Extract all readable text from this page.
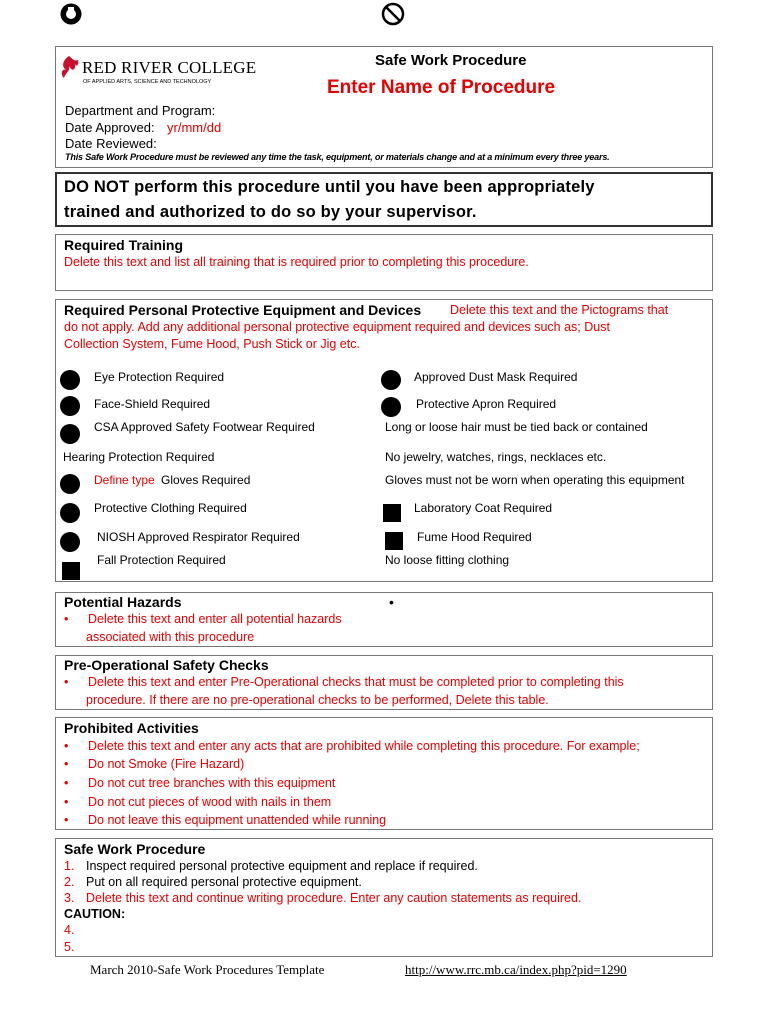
RED RIVER COLLEGE
OF APPLIED ARTS, SCIENCE AND TECHNOLOGY
Safe Work Procedure
Enter Name of Procedure
Department and Program:
Date Approved: yr/mm/dd
Date Reviewed:
This Safe Work Procedure must be reviewed any time the task, equipment, or materials change and at a minimum every three years.
DO NOT perform this procedure until you have been appropriately
trained and authorized to do so by your supervisor.
Required Training
Delete this text and list all training that is required prior to completing this procedure.
Required Personal Protective Equipment and Devices Delete this text and the Pictograms that
do not apply. Add any additional personal protective equipment required and devices such as; Dust
Collection System, Fume Hood, Push Stick or Jig etc.
Eye Protection Required
Face-Shield Required
CSA Approved Safety Footwear Required
Hearing Protection Required
Define type Gloves Required
Protective Clothing Required
NIOSH Approved Respirator Required
Fall Protection Required
Approved Dust Mask Required
Protective Apron Required
Long or loose hair must be tied back or contained
No jewelry, watches, rings, necklaces etc.
Gloves must not be worn when operating this equipment
Laboratory Coat Required
Fume Hood Required
No loose fitting clothing
Potential Hazards	•
• Delete this text and enter all potential hazards
associated with this procedure
Pre-Operational Safety Checks
• Delete this text and enter Pre-Operational checks that must be completed prior to completing this
procedure. If there are no pre-operational checks to be performed, Delete this table.
Prohibited Activities
• Delete this text and enter any acts that are prohibited while completing this procedure. For example;
• Do not Smoke (Fire Hazard)
• Do not cut tree branches with this equipment
• Do not cut pieces of wood with nails in them
• Do not leave this equipment unattended while running
Safe Work Procedure
1. Inspect required personal protective equipment and replace if required.
2. Put on all required personal protective equipment.
3. Delete this text and continue writing procedure. Enter any caution statements as required.
CAUTION:
4.
5.
March 2010-Safe Work Procedures Template	http://www.rrc.mb.ca/index.php?pid=1290
